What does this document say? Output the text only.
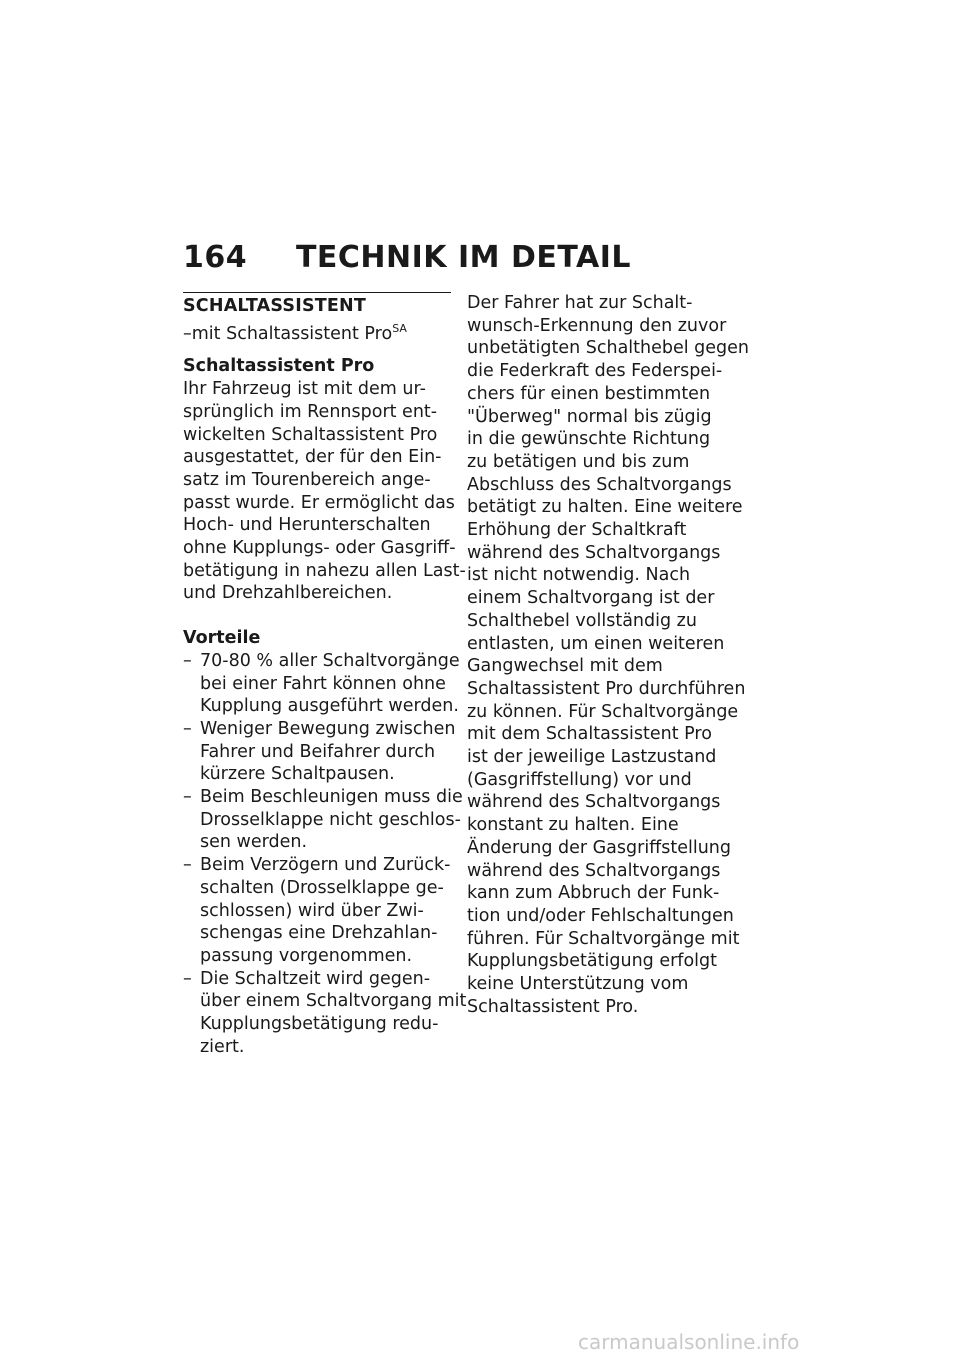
164 TECHNIK IM DETAIL
SCHALTASSISTENT
–mit Schaltassistent Pro$^{SA}$
Schaltassistent Pro
Ihr Fahrzeug ist mit dem ur-
sprünglich im Rennsport ent-
wickelten Schaltassistent Pro
ausgestattet, der für den Ein-
satz im Tourenbereich ange-
passt wurde. Er ermöglicht das
Hoch- und Herunterschalten
ohne Kupplungs- oder Gasgriff-
betätigung in nahezu allen Last-
und Drehzahlbereichen.
Vorteile
– 70-80 % aller Schaltvorgänge
bei einer Fahrt können ohne
Kupplung ausgeführt werden.
– Weniger Bewegung zwischen
Fahrer und Beifahrer durch
kürzere Schaltpausen.
– Beim Beschleunigen muss die
Drosselklappe nicht geschlos-
sen werden.
– Beim Verzögern und Zurück-
schalten (Drosselklappe ge-
schlossen) wird über Zwi-
schengas eine Drehzahlan-
passung vorgenommen.
– Die Schaltzeit wird gegen-
über einem Schaltvorgang mit
Kupplungsbetätigung redu-
ziert.
Der Fahrer hat zur Schalt-
wunsch-Erkennung den zuvor
unbetätigten Schalthebel gegen
die Federkraft des Federspei-
chers für einen bestimmten
"Überweg" normal bis zügig
in die gewünschte Richtung
zu betätigen und bis zum
Abschluss des Schaltvorgangs
betätigt zu halten. Eine weitere
Erhöhung der Schaltkraft
während des Schaltvorgangs
ist nicht notwendig. Nach
einem Schaltvorgang ist der
Schalthebel vollständig zu
entlasten, um einen weiteren
Gangwechsel mit dem
Schaltassistent Pro durchführen
zu können. Für Schaltvorgänge
mit dem Schaltassistent Pro
ist der jeweilige Lastzustand
(Gasgriffstellung) vor und
während des Schaltvorgangs
konstant zu halten. Eine
Änderung der Gasgriffstellung
während des Schaltvorgangs
kann zum Abbruch der Funk-
tion und/oder Fehlschaltungen
führen. Für Schaltvorgänge mit
Kupplungsbetätigung erfolgt
keine Unterstützung vom
Schaltassistent Pro.
carmanualsonline.info
